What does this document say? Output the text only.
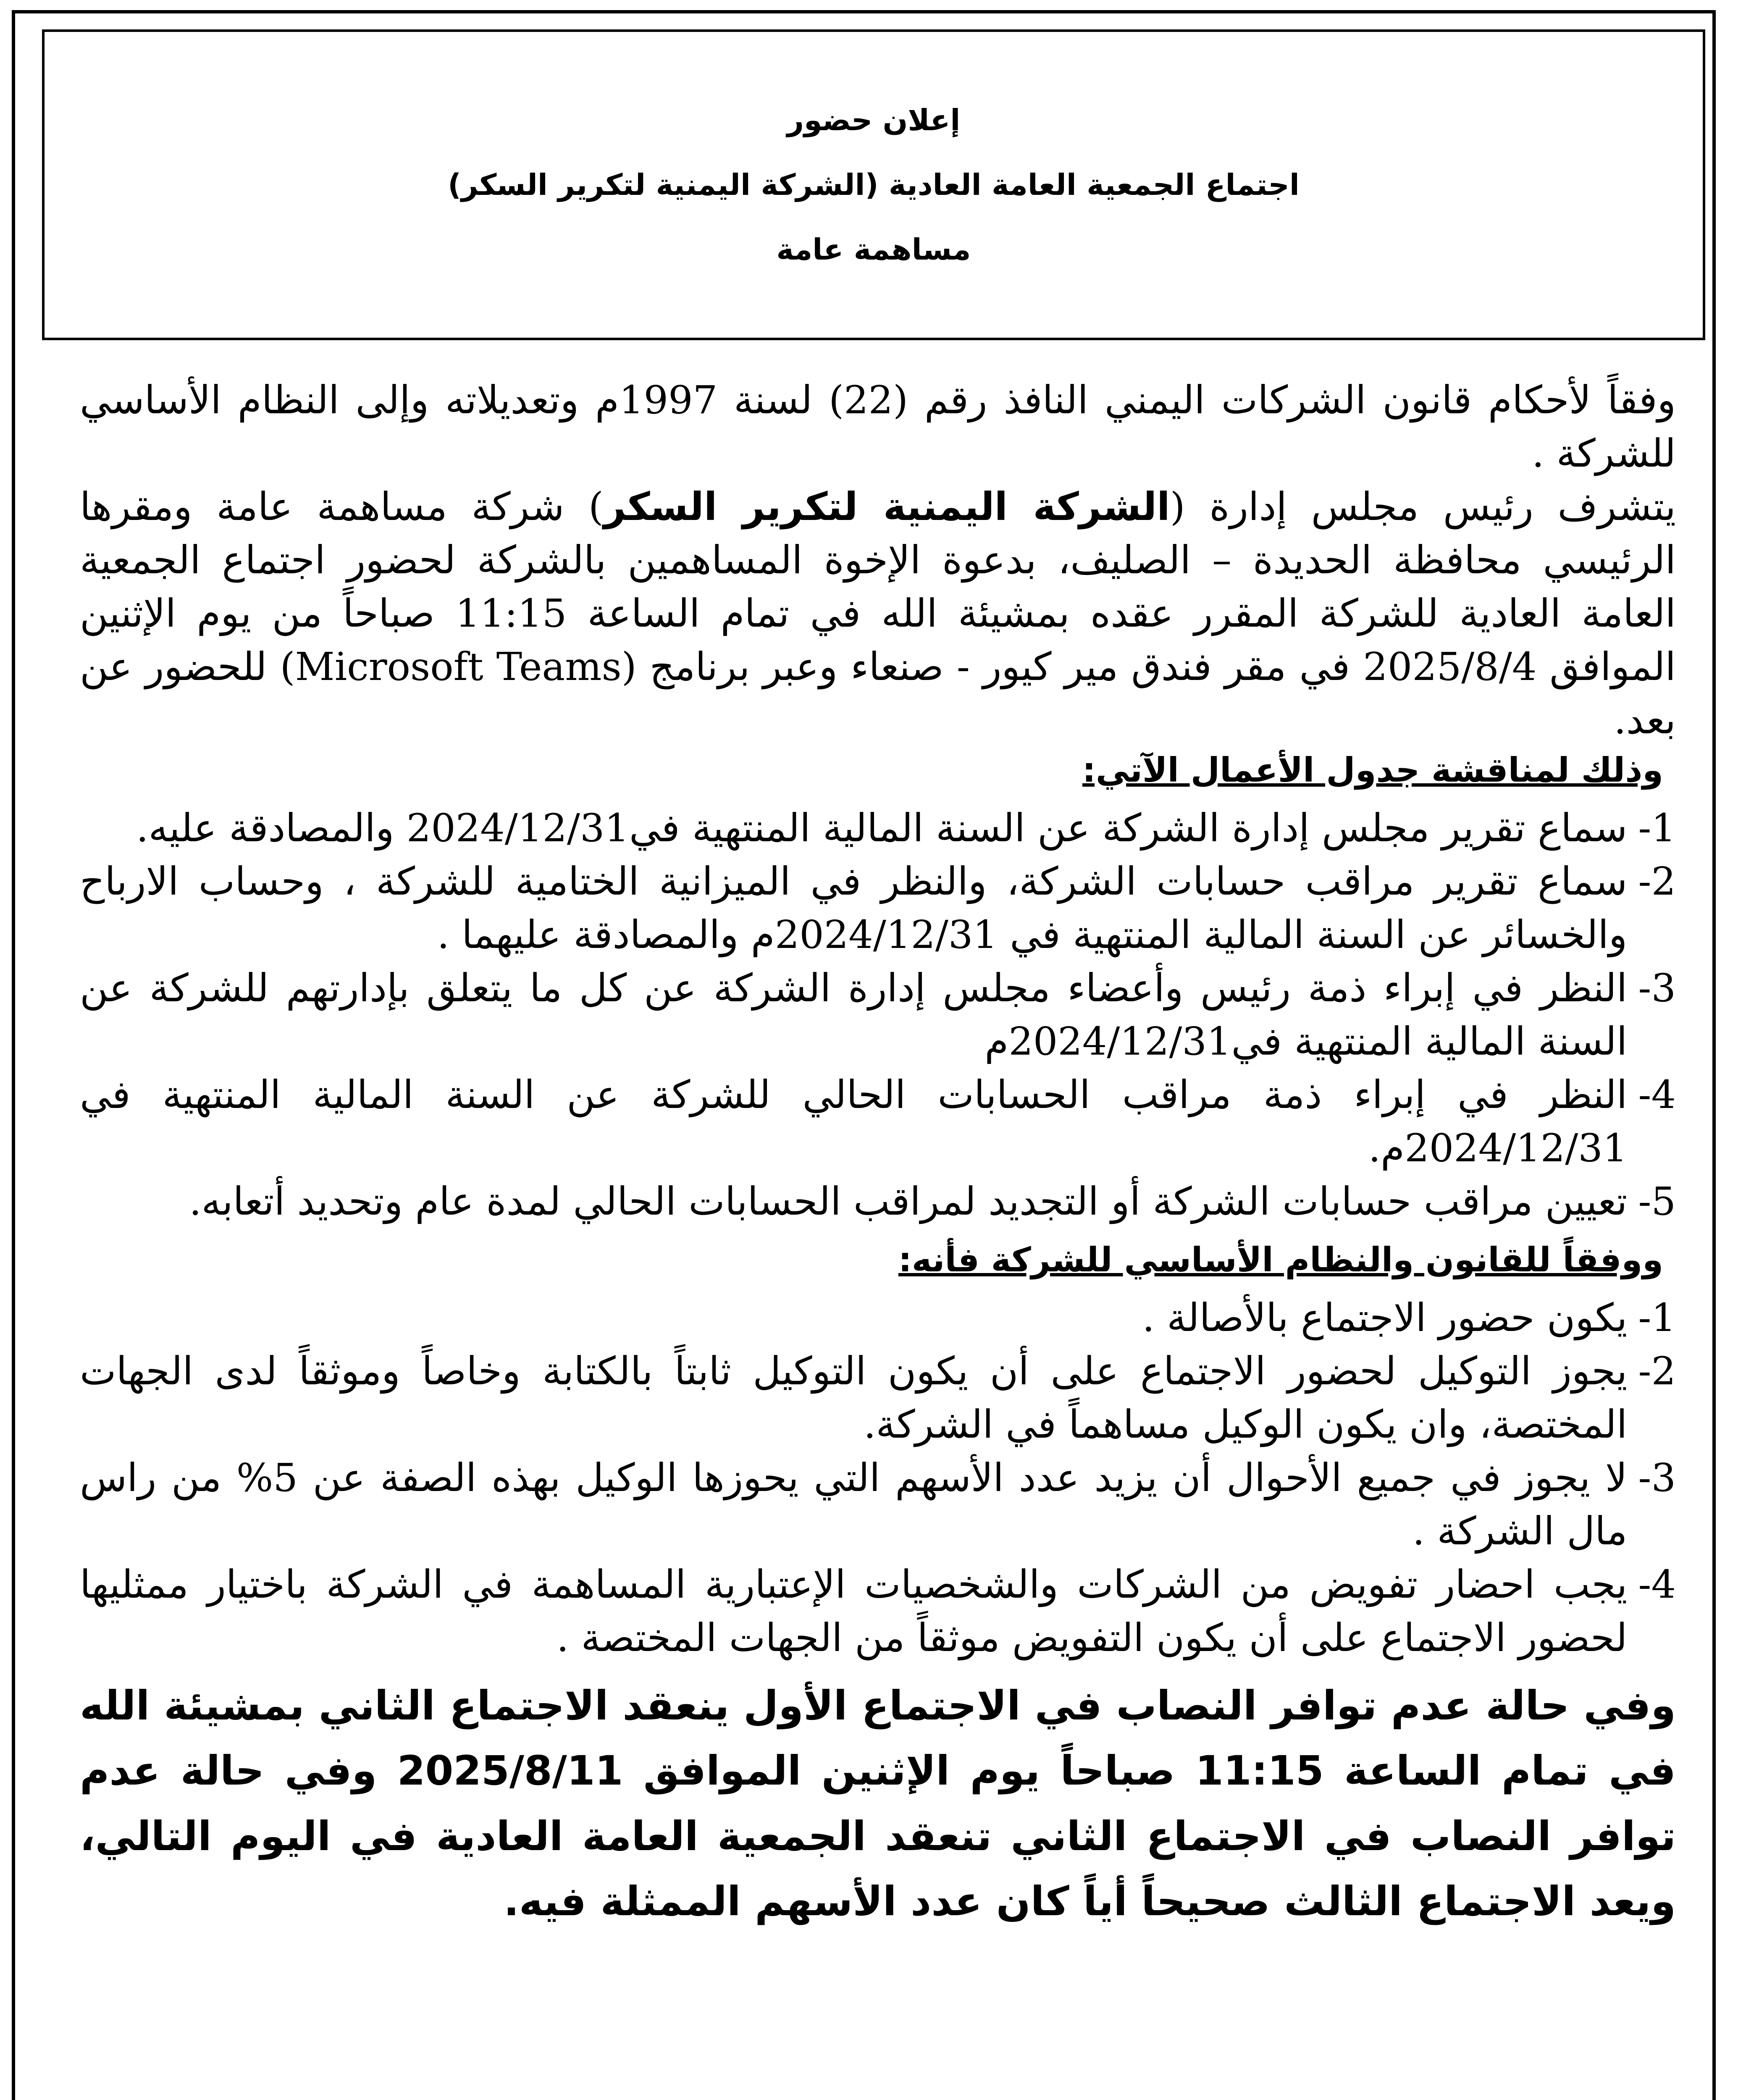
إعلان حضور
اجتماع الجمعية العامة العادية (الشركة اليمنية لتكرير السكر)
مساهمة عامة

وفقاً لأحكام قانون الشركات اليمني النافذ رقم (22) لسنة 1997م وتعديلاته وإلى النظام الأساسي للشركة .

يتشرف رئيس مجلس إدارة (الشركة اليمنية لتكرير السكر) شركة مساهمة عامة ومقرها الرئيسي محافظة الحديدة – الصليف، بدعوة الإخوة المساهمين بالشركة لحضور اجتماع الجمعية العامة العادية للشركة المقرر عقده بمشيئة الله في تمام الساعة 11:15 صباحاً من يوم الإثنين الموافق 2025/8/4 في مقر فندق مير كيور - صنعاء وعبر برنامج (Microsoft Teams) للحضور عن بعد.

وذلك لمناقشة جدول الأعمال الآتي:
1-
سماع تقرير مجلس إدارة الشركة عن السنة المالية المنتهية في2024/12/31 والمصادقة عليه.
2-
سماع تقرير مراقب حسابات الشركة، والنظر في الميزانية الختامية للشركة ، وحساب الارباح والخسائر عن السنة المالية المنتهية في 2024/12/31م والمصادقة عليهما .
3-
النظر في إبراء ذمة رئيس وأعضاء مجلس إدارة الشركة عن كل ما يتعلق بإدارتهم للشركة عن السنة المالية المنتهية في2024/12/31م
4-
النظر في إبراء ذمة مراقب الحسابات الحالي للشركة عن السنة المالية المنتهية في 2024/12/31م.
5-
تعيين مراقب حسابات الشركة أو التجديد لمراقب الحسابات الحالي لمدة عام وتحديد أتعابه.
ووفقاً للقانون والنظام الأساسي للشركة فأنه:
1-
يكون حضور الاجتماع بالأصالة .
2-
يجوز التوكيل لحضور الاجتماع على أن يكون التوكيل ثابتاً بالكتابة وخاصاً وموثقاً لدى الجهات المختصة، وان يكون الوكيل مساهماً في الشركة.
3-
لا يجوز في جميع الأحوال أن يزيد عدد الأسهم التي يحوزها الوكيل بهذه الصفة عن 5% من راس مال الشركة .
4-
يجب احضار تفويض من الشركات والشخصيات الإعتبارية المساهمة في الشركة باختيار ممثليها لحضور الاجتماع على أن يكون التفويض موثقاً من الجهات المختصة .

وفي حالة عدم توافر النصاب في الاجتماع الأول ينعقد الاجتماع الثاني بمشيئة الله في تمام الساعة 11:15 صباحاً يوم الإثنين الموافق 2025/8/11 وفي حالة عدم توافر النصاب في الاجتماع الثاني تنعقد الجمعية العامة العادية في اليوم التالي، ويعد الاجتماع الثالث صحيحاً أياً كان عدد الأسهم الممثلة فيه.
